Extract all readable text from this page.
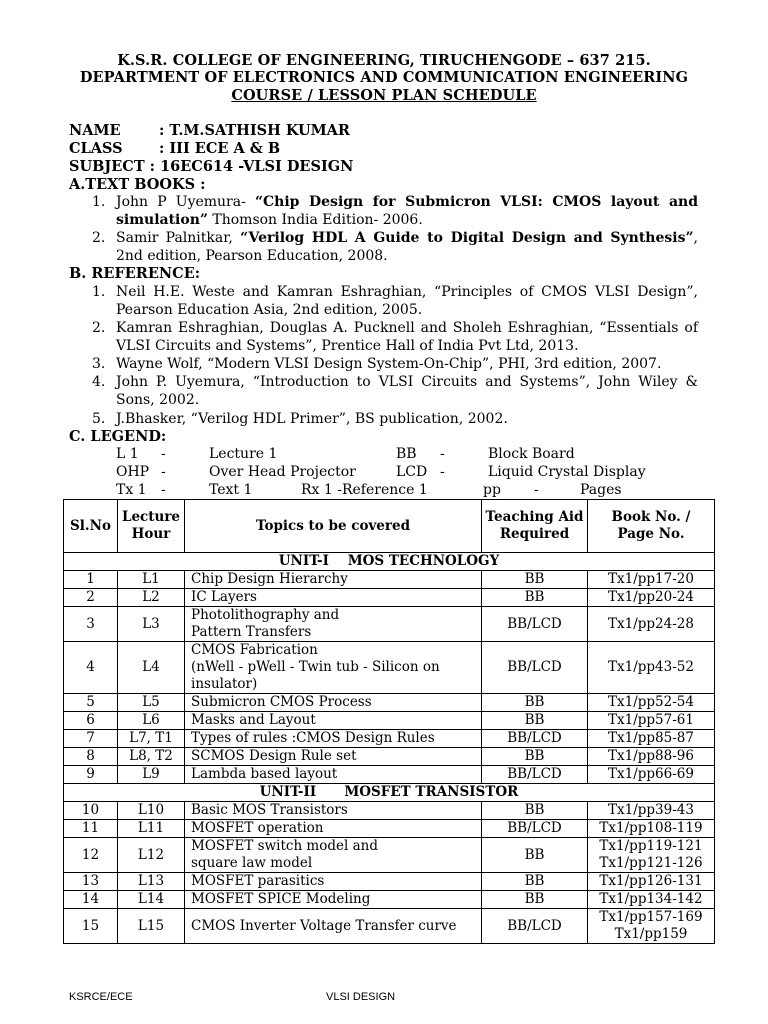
K.S.R. COLLEGE OF ENGINEERING, TIRUCHENGODE – 637 215.
DEPARTMENT OF ELECTRONICS AND COMMUNICATION ENGINEERING
COURSE / LESSON PLAN SCHEDULE
NAME	: T.M.SATHISH KUMAR
CLASS	: III ECE A & B
SUBJECT : 16EC614 -VLSI DESIGN
A.TEXT BOOKS :
1. John P Uyemura- “Chip Design for Submicron VLSI: CMOS layout and simulation” Thomson India Edition- 2006.
2. Samir Palnitkar, “Verilog HDL A Guide to Digital Design and Synthesis”, 2nd edition, Pearson Education, 2008.
B. REFERENCE:
1. Neil H.E. Weste and Kamran Eshraghian, “Principles of CMOS VLSI Design”, Pearson Education Asia, 2nd edition, 2005.
2. Kamran Eshraghian, Douglas A. Pucknell and Sholeh Eshraghian, “Essentials of VLSI Circuits and Systems”, Prentice Hall of India Pvt Ltd, 2013.
3. Wayne Wolf, “Modern VLSI Design System-On-Chip”, PHI, 3rd edition, 2007.
4. John P. Uyemura, “Introduction to VLSI Circuits and Systems”, John Wiley & Sons, 2002.
5. J.Bhasker, “Verilog HDL Primer”, BS publication, 2002.
C. LEGEND:
L 1 -	Lecture 1	BB -	Block Board
OHP -	Over Head Projector	LCD -	Liquid Crystal Display
Tx 1 -	Text 1	Rx 1 -Reference 1	pp -	Pages
Sl.No	Lecture Hour	Topics to be covered	Teaching Aid Required	Book No. / Page No.
UNIT-I    MOS TECHNOLOGY				
1	L1	Chip Design Hierarchy	BB	Tx1/pp17-20
2	L2	IC Layers	BB	Tx1/pp20-24
3	L3	Photolithography and
Pattern Transfers	BB/LCD	Tx1/pp24-28
4	L4	CMOS Fabrication
(nWell - pWell - Twin tub - Silicon on insulator)	BB/LCD	Tx1/pp43-52
5	L5	Submicron CMOS Process	BB	Tx1/pp52-54
6	L6	Masks and Layout	BB	Tx1/pp57-61
7	L7, T1	Types of rules :CMOS Design Rules	BB/LCD	Tx1/pp85-87
8	L8, T2	SCMOS Design Rule set	BB	Tx1/pp88-96
9	L9	Lambda based layout	BB/LCD	Tx1/pp66-69
UNIT-II      MOSFET TRANSISTOR				
10	L10	Basic MOS Transistors	BB	Tx1/pp39-43
11	L11	MOSFET operation	BB/LCD	Tx1/pp108-119
12	L12	MOSFET switch model and
square law model	BB	Tx1/pp119-121
Tx1/pp121-126
13	L13	MOSFET parasitics	BB	Tx1/pp126-131
14	L14	MOSFET SPICE Modeling	BB	Tx1/pp134-142
15	L15	CMOS Inverter Voltage Transfer curve	BB/LCD	Tx1/pp157-169
Tx1/pp159
KSRCE/ECE	VLSI DESIGN
